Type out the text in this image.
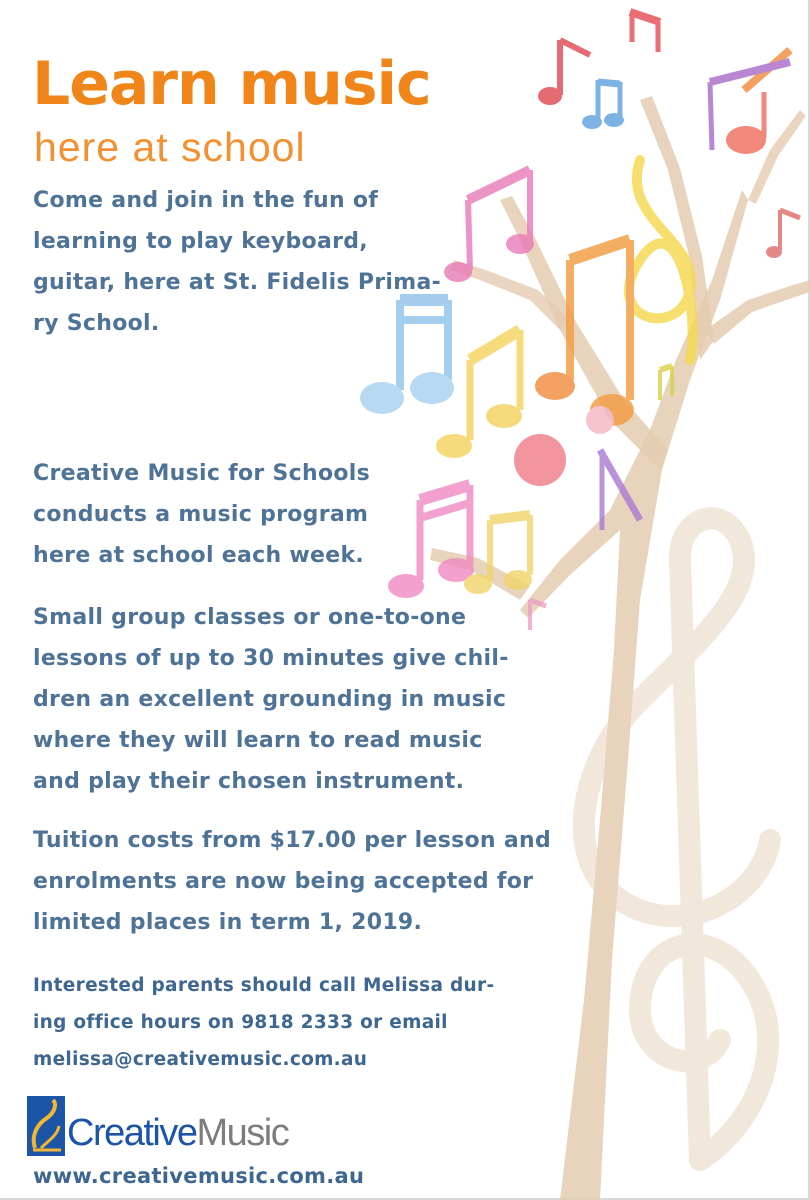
Learn music
here at school

Come and join in the fun of
learning to play keyboard,
guitar, here at St. Fidelis Prima-
ry School.

Creative Music for Schools
conducts a music program
here at school each week.

Small group classes or one-to-one
lessons of up to 30 minutes give chil-
dren an excellent grounding in music
where they will learn to read music
and play their chosen instrument.

Tuition costs from $17.00 per lesson and
enrolments are now being accepted for
limited places in term 1, 2019.

Interested parents should call Melissa dur-
ing office hours on 9818 2333 or email
melissa@creativemusic.com.au

CreativeMusic
www.creativemusic.com.au
